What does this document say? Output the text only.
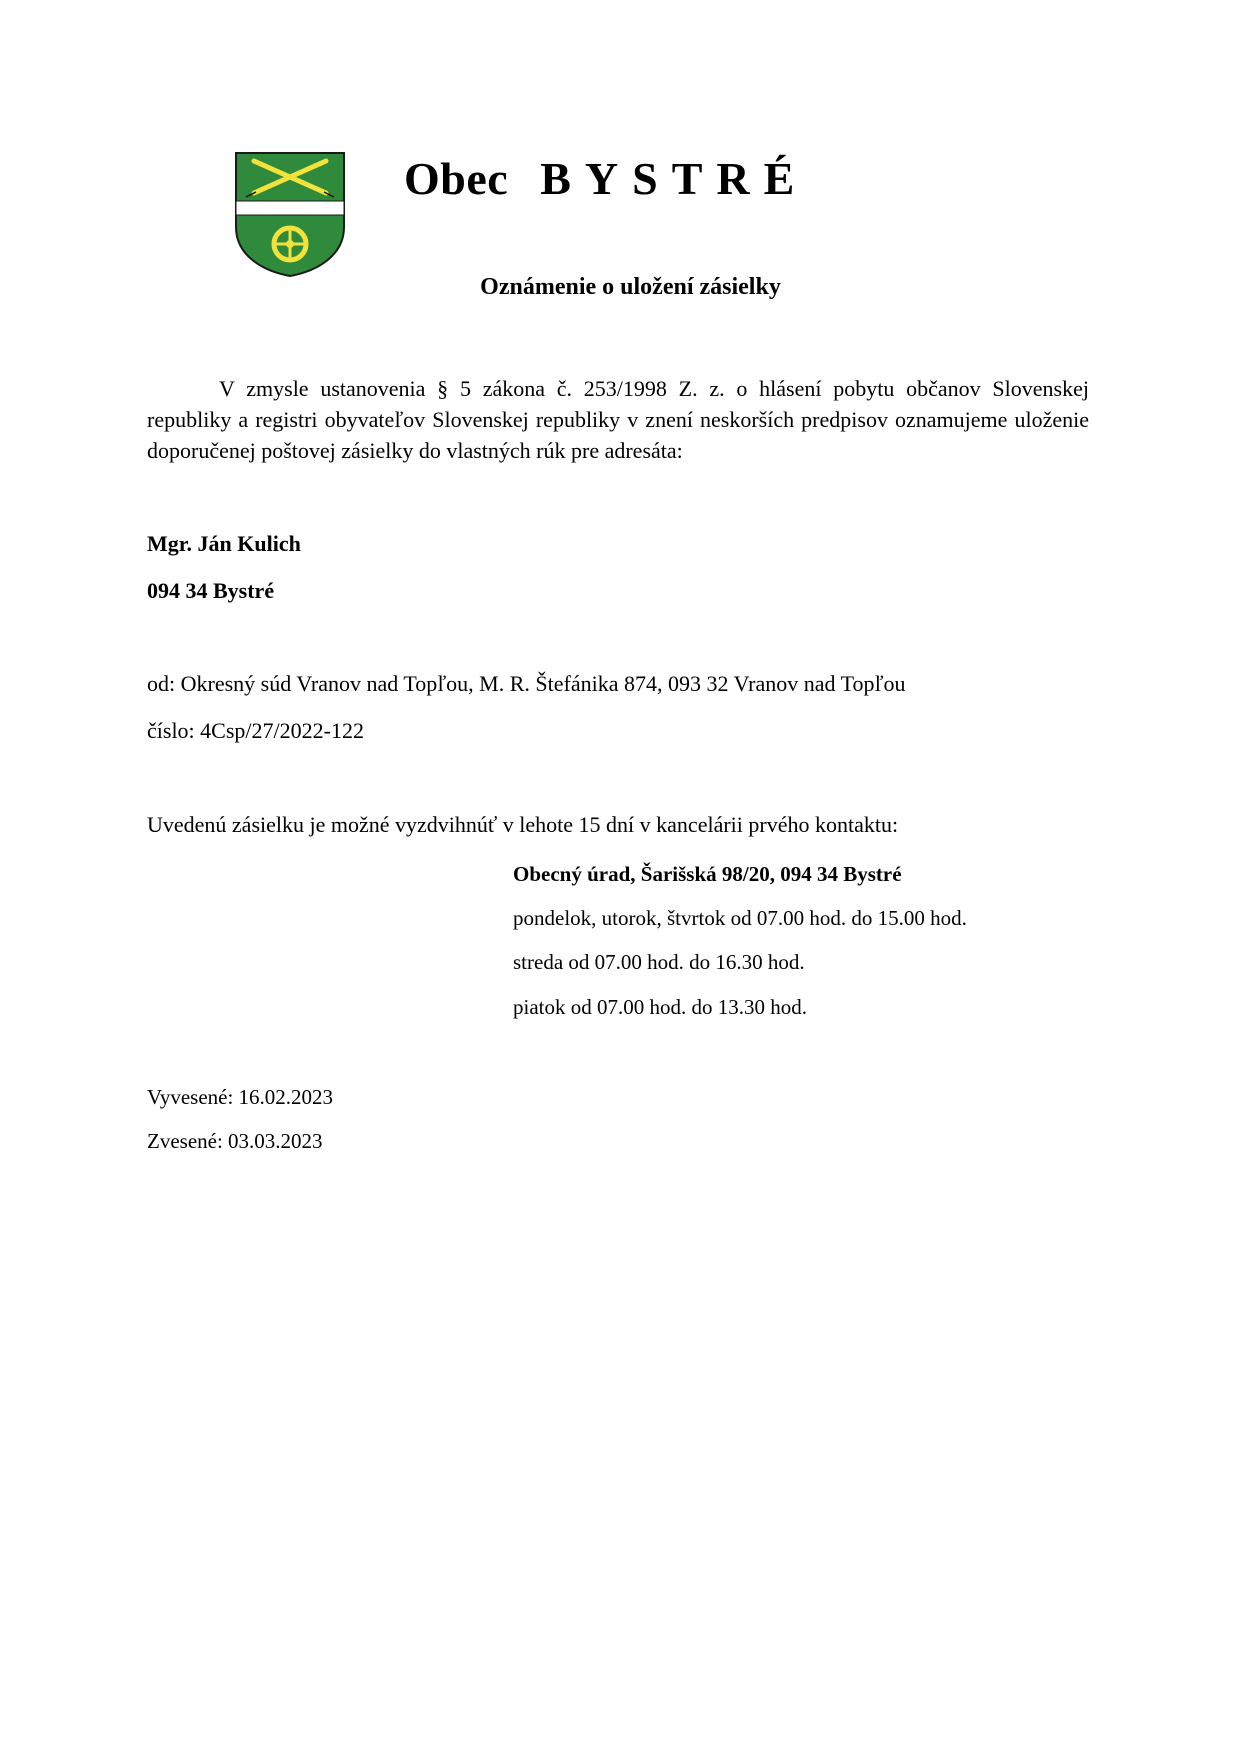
Obec BYSTRÉ
Oznámenie o uložení zásielky
V zmysle ustanovenia § 5 zákona č. 253/1998 Z. z. o hlásení pobytu občanov Slovenskej republiky a registri obyvateľov Slovenskej republiky v znení neskorších predpisov oznamujeme uloženie doporučenej poštovej zásielky do vlastných rúk pre adresáta:
Mgr. Ján Kulich
094 34 Bystré
od: Okresný súd Vranov nad Topľou, M. R. Štefánika 874, 093 32 Vranov nad Topľou
číslo: 4Csp/27/2022-122
Uvedenú zásielku je možné vyzdvihnúť v lehote 15 dní v kancelárii prvého kontaktu:
Obecný úrad, Šarišská 98/20, 094 34 Bystré
pondelok, utorok, štvrtok od 07.00 hod. do 15.00 hod.
streda od 07.00 hod. do 16.30 hod.
piatok od 07.00 hod. do 13.30 hod.
Vyvesené: 16.02.2023
Zvesené: 03.03.2023
